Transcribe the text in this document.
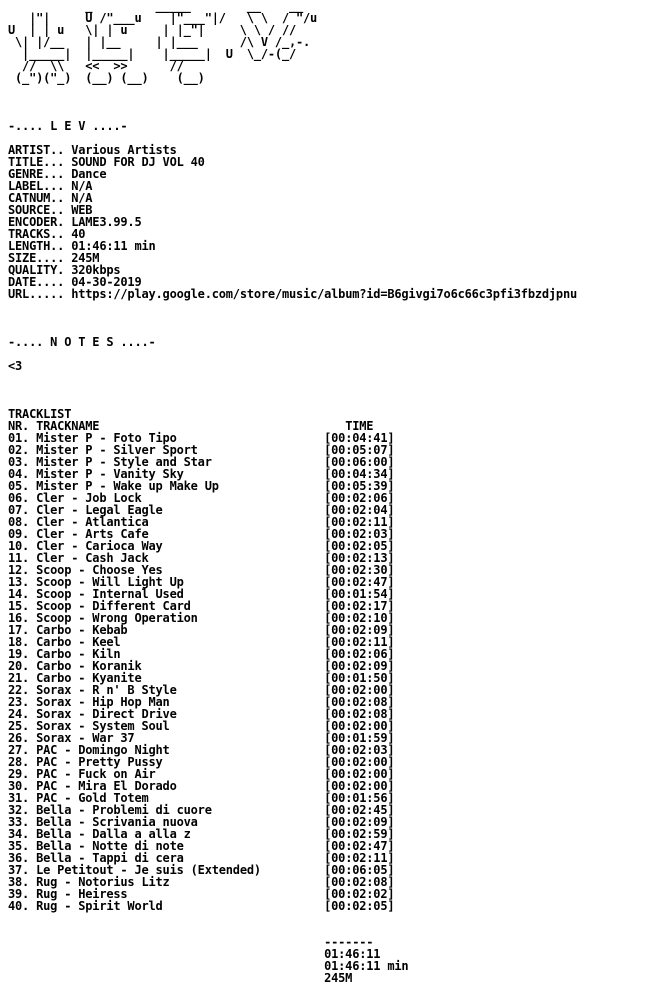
_         _____        __    __
|"|     U /"___u    |"___"|/   \ \  / "/u
U  | | u   \| | u     | |_"|     \ \ / //
\| |/__   | |__     | |___      /\ V /_,-.
|_____|  |_____|    |_____|  U  \_/-(_/
//  \\   <<  >>      //
(_")("_)  (__) (__)    (__)

-.... L E V ....-

ARTIST.. Various Artists
TITLE... SOUND FOR DJ VOL 40
GENRE... Dance
LABEL... N/A
CATNUM.. N/A
SOURCE.. WEB
ENCODER. LAME3.99.5
TRACKS.. 40
LENGTH.. 01:46:11 min
SIZE.... 245M
QUALITY. 320kbps
DATE.... 04-30-2019
URL..... https://play.google.com/store/music/album?id=B6givgi7o6c66c3pfi3fbzdjpnu

-.... N O T E S ....-

<3

TRACKLIST
NR. TRACKNAME                                   TIME
01. Mister P - Foto Tipo                     [00:04:41]
02. Mister P - Silver Sport                  [00:05:07]
03. Mister P - Style and Star                [00:06:00]
04. Mister P - Vanity Sky                    [00:04:34]
05. Mister P - Wake up Make Up               [00:05:39]
06. Cler - Job Lock                          [00:02:06]
07. Cler - Legal Eagle                       [00:02:04]
08. Cler - Atlantica                         [00:02:11]
09. Cler - Arts Cafe                         [00:02:03]
10. Cler - Carioca Way                       [00:02:05]
11. Cler - Cash Jack                         [00:02:13]
12. Scoop - Choose Yes                       [00:02:30]
13. Scoop - Will Light Up                    [00:02:47]
14. Scoop - Internal Used                    [00:01:54]
15. Scoop - Different Card                   [00:02:17]
16. Scoop - Wrong Operation                  [00:02:10]
17. Carbo - Kebab                            [00:02:09]
18. Carbo - Keel                             [00:02:11]
19. Carbo - Kiln                             [00:02:06]
20. Carbo - Koranik                          [00:02:09]
21. Carbo - Kyanite                          [00:01:50]
22. Sorax - R n' B Style                     [00:02:00]
23. Sorax - Hip Hop Man                      [00:02:08]
24. Sorax - Direct Drive                     [00:02:08]
25. Sorax - System Soul                      [00:02:00]
26. Sorax - War 37                           [00:01:59]
27. PAC - Domingo Night                      [00:02:03]
28. PAC - Pretty Pussy                       [00:02:00]
29. PAC - Fuck on Air                        [00:02:00]
30. PAC - Mira El Dorado                     [00:02:00]
31. PAC - Gold Totem                         [00:01:56]
32. Bella - Problemi di cuore                [00:02:45]
33. Bella - Scrivania nuova                  [00:02:09]
34. Bella - Dalla a alla z                   [00:02:59]
35. Bella - Notte di note                    [00:02:47]
36. Bella - Tappi di cera                    [00:02:11]
37. Le Petitout - Je suis (Extended)         [00:06:05]
38. Rug - Notorius Litz                      [00:02:08]
39. Rug - Heiress                            [00:02:02]
40. Rug - Spirit World                       [00:02:05]

-------
01:46:11
01:46:11 min
245M
